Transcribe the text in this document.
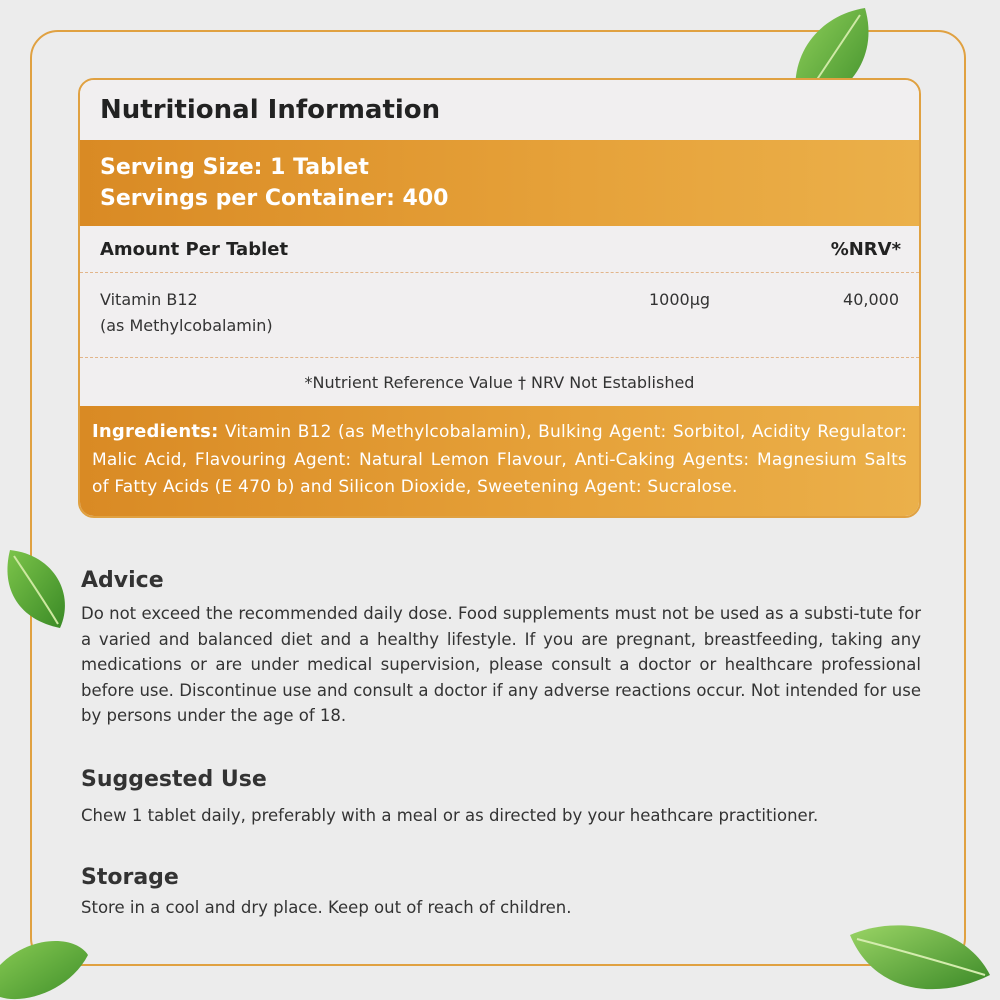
Nutritional Information
Serving Size: 1 Tablet
Servings per Container: 400
Amount Per Tablet	%NRV*
Vitamin B12
(as Methylcobalamin)
1000µg	40,000
*Nutrient Reference Value † NRV Not Established
Ingredients: Vitamin B12 (as Methylcobalamin), Bulking Agent: Sorbitol, Acidity Regulator: Malic Acid, Flavouring Agent: Natural Lemon Flavour, Anti-Caking Agents: Magnesium Salts of Fatty Acids (E 470 b) and Silicon Dioxide, Sweetening Agent: Sucralose.
Advice

Do not exceed the recommended daily dose. Food supplements must not be used as a substi-tute for a varied and balanced diet and a healthy lifestyle. If you are pregnant, breastfeeding, taking any medications or are under medical supervision, please consult a doctor or healthcare professional before use. Discontinue use and consult a doctor if any adverse reactions occur. Not intended for use by persons under the age of 18.

Suggested Use

Chew 1 tablet daily, preferably with a meal or as directed by your heathcare practitioner.

Storage

Store in a cool and dry place. Keep out of reach of children.
